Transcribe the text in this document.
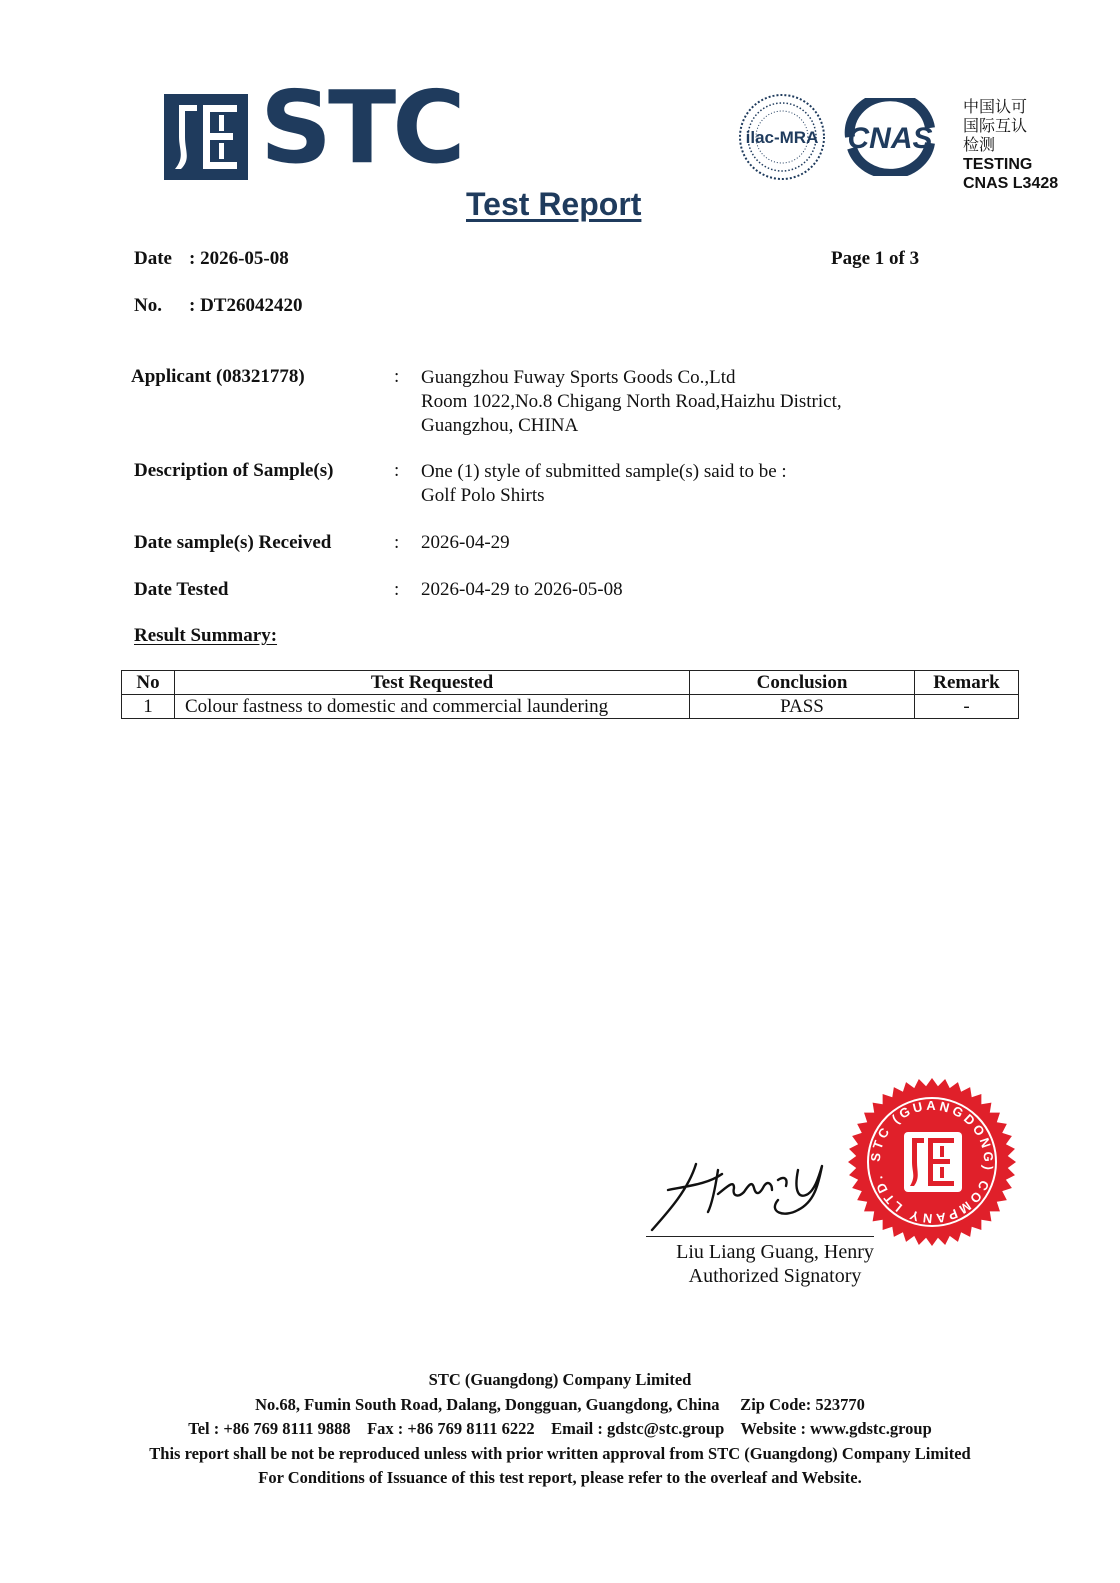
STC
Test Report
ilac-MRA CNAS
中国认可
国际互认
检测
TESTING
CNAS L3428
Date : 2026-05-08	Page 1 of 3
No. : DT26042420
Applicant (08321778)	: Guangzhou Fuway Sports Goods Co.,Ltd
Room 1022,No.8 Chigang North Road,Haizhu District,
Guangzhou, CHINA
Description of Sample(s)	: One (1) style of submitted sample(s) said to be :
Golf Polo Shirts
Date sample(s) Received	: 2026-04-29
Date Tested	: 2026-04-29 to 2026-05-08
Result Summary:
No	Test Requested	Conclusion	Remark
1	Colour fastness to domestic and commercial laundering	PASS	-
Liu Liang Guang, Henry
Authorized Signatory
STC (GUANGDONG) COMPANY LTD.
STC (Guangdong) Company Limited
No.68, Fumin South Road, Dalang, Dongguan, Guangdong, China     Zip Code: 523770
Tel : +86 769 8111 9888    Fax : +86 769 8111 6222    Email : gdstc@stc.group    Website : www.gdstc.group
This report shall be not be reproduced unless with prior written approval from STC (Guangdong) Company Limited
For Conditions of Issuance of this test report, please refer to the overleaf and Website.
